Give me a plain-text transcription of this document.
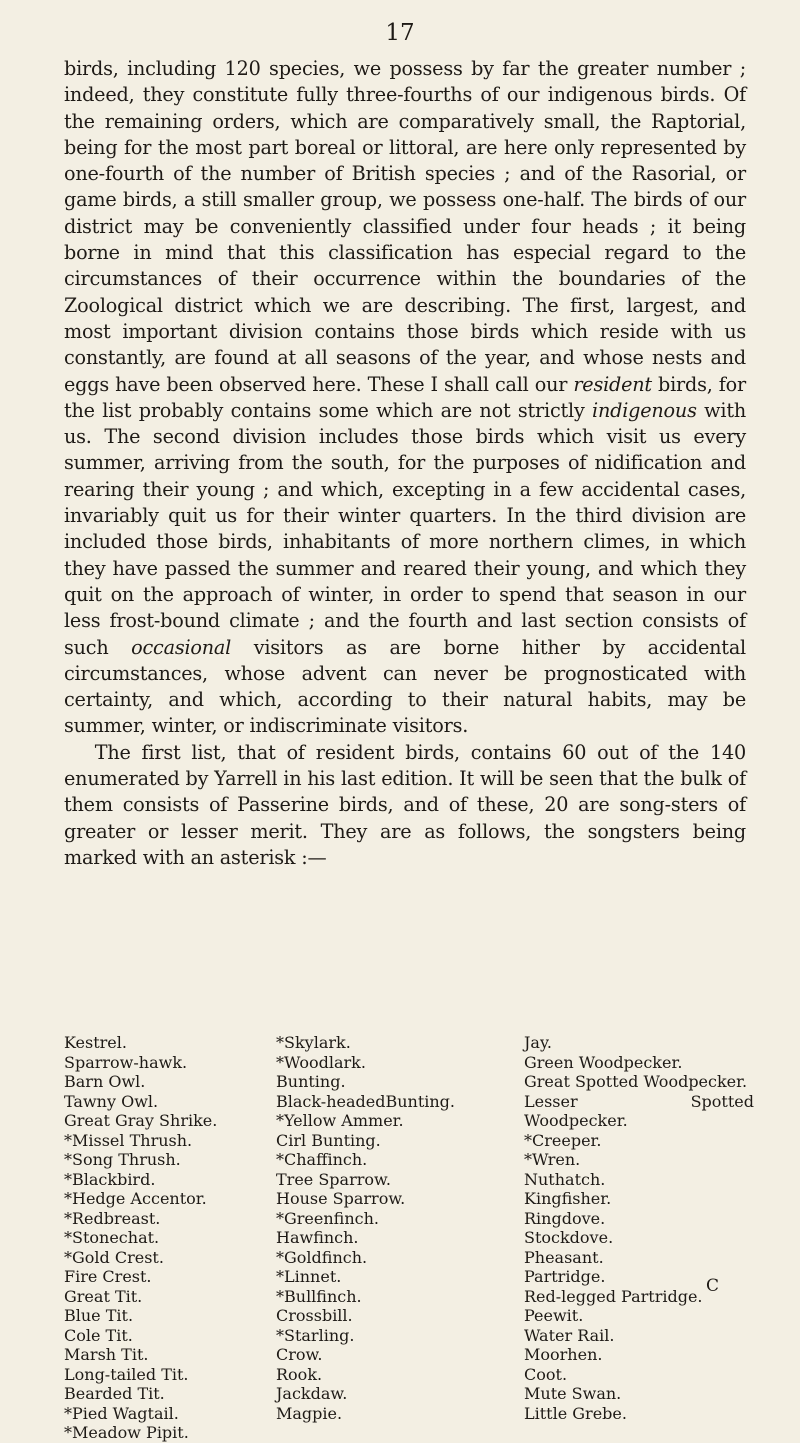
17

birds, including 120 species, we possess by far the greater number ; indeed, they constitute fully three-fourths of our indigenous birds. Of the remaining orders, which are comparatively small, the Raptorial, being for the most part boreal or littoral, are here only represented by one-fourth of the number of British species ; and of the Rasorial, or game birds, a still smaller group, we possess one-half. The birds of our district may be conveniently classified under four heads ; it being borne in mind that this classification has especial regard to the circumstances of their occurrence within the boundaries of the Zoological district which we are describing. The first, largest, and most important division contains those birds which reside with us constantly, are found at all seasons of the year, and whose nests and eggs have been observed here. These I shall call our resident birds, for the list probably contains some which are not strictly indigenous with us. The second division includes those birds which visit us every summer, arriving from the south, for the purposes of nidification and rearing their young ; and which, excepting in a few accidental cases, invariably quit us for their winter quarters. In the third division are included those birds, inhabitants of more northern climes, in which they have passed the summer and reared their young, and which they quit on the approach of winter, in order to spend that season in our less frost-bound climate ; and the fourth and last section consists of such occasional visitors as are borne hither by accidental circumstances, whose advent can never be prognosticated with certainty, and which, according to their natural habits, may be summer, winter, or indiscriminate visitors.

The first list, that of resident birds, contains 60 out of the 140 enumerated by Yarrell in his last edition. It will be seen that the bulk of them consists of Passerine birds, and of these, 20 are song-sters of greater or lesser merit. They are as follows, the songsters being marked with an asterisk :—

Kestrel.
Sparrow-hawk.
Barn Owl.
Tawny Owl.
Great Gray Shrike.
*Missel Thrush.
*Song Thrush.
*Blackbird.
*Hedge Accentor.
*Redbreast.
*Stonechat.
*Gold Crest.
Fire Crest.
Great Tit.
Blue Tit.
Cole Tit.
Marsh Tit.
Long-tailed Tit.
Bearded Tit.
*Pied Wagtail.
*Meadow Pipit.
*Skylark.
*Woodlark.
Bunting.
Black-headedBunting.
*Yellow Ammer.
Cirl Bunting.
*Chaffinch.
Tree Sparrow.
House Sparrow.
*Greenfinch.
Hawfinch.
*Goldfinch.
*Linnet.
*Bullfinch.
Crossbill.
*Starling.
Crow.
Rook.
Jackdaw.
Magpie.
Jay.
Green Woodpecker.
Great Spotted Woodpecker.
Lesser Spotted Woodpecker.
*Creeper.
*Wren.
Nuthatch.
Kingfisher.
Ringdove.
Stockdove.
Pheasant.
Partridge.
Red-legged Partridge.
Peewit.
Water Rail.
Moorhen.
Coot.
Mute Swan.
Little Grebe.
C
